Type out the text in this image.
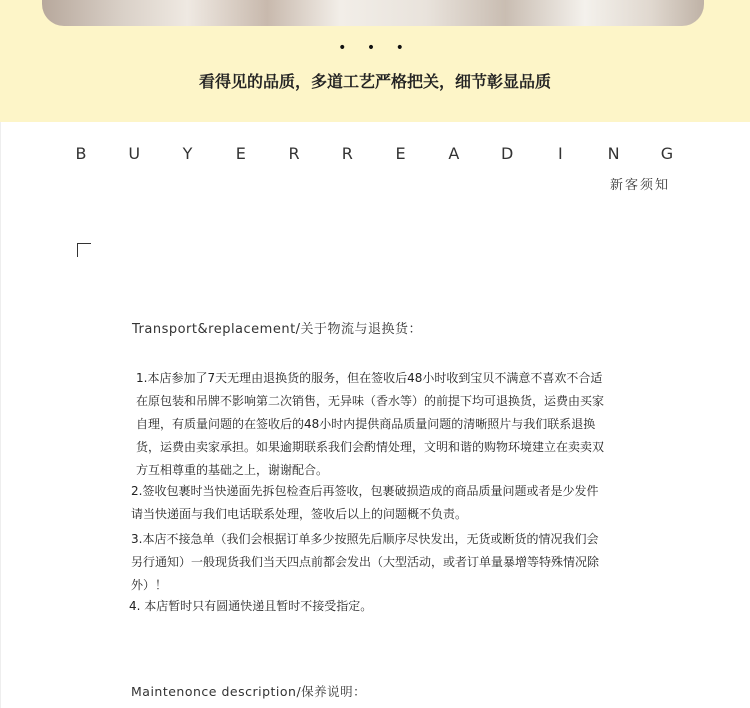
• • •
看得见的品质，多道工艺严格把关，细节彰显品质
B	U	Y	E	R	R	E	A	D	I	N	G
新客须知
Transport&replacement/关于物流与退换货：
1.本店参加了7天无理由退换货的服务，但在签收后48小时收到宝贝不满意不喜欢不合适在原包装和吊牌不影响第二次销售，无异味（香水等）的前提下均可退换货，运费由买家自理，有质量问题的在签收后的48小时内提供商品质量问题的清晰照片与我们联系退换货，运费由卖家承担。如果逾期联系我们会酌情处理，文明和谐的购物环境建立在卖卖双方互相尊重的基础之上，谢谢配合。
2.签收包裹时当快递面先拆包检查后再签收，包裹破损造成的商品质量问题或者是少发件请当快递面与我们电话联系处理，签收后以上的问题概不负责。
3.本店不接急单（我们会根据订单多少按照先后顺序尽快发出，无货或断货的情况我们会另行通知）一般现货我们当天四点前都会发出（大型活动，或者订单量暴增等特殊情况除外）！
4. 本店暂时只有圆通快递且暂时不接受指定。
Maintenonce description/保养说明：
